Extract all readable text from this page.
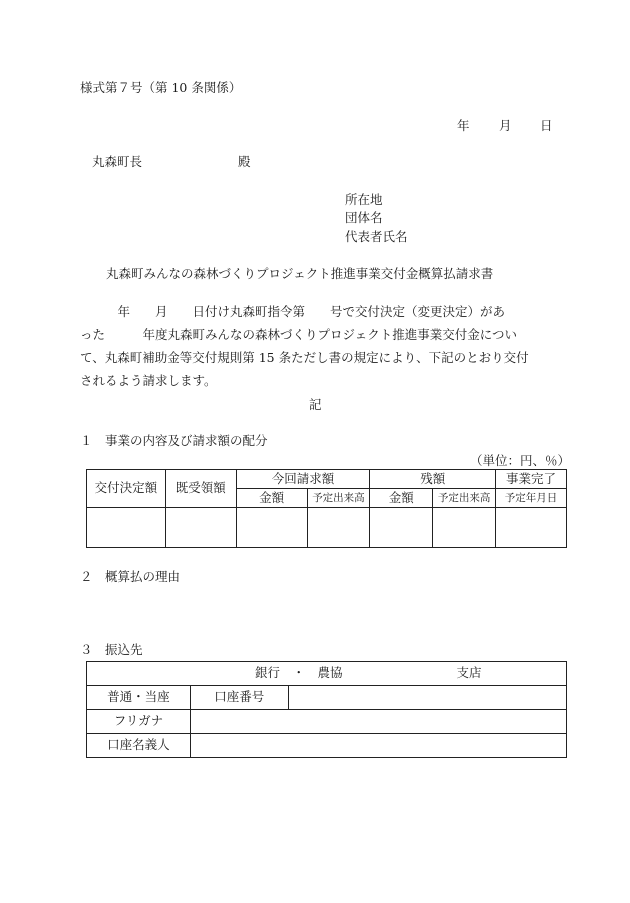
様式第７号（第 10 条関係）
年 月 日
丸森町長	殿
所在地
団体名
代表者氏名
丸森町みんなの森林づくりプロジェクト推進事業交付金概算払請求書
　　　年　　月　　日付け丸森町指令第　　号で交付決定（変更決定）があ
った　　　年度丸森町みんなの森林づくりプロジェクト推進事業交付金につい
て、丸森町補助金等交付規則第 15 条ただし書の規定により、下記のとおり交付
されるよう請求します。
記
１　事業の内容及び請求額の配分
（単位：円、％）
交付決定額	既受領額	今回請求額		残額		事業完了
		金額	予定出来高	金額	予定出来高	予定年月日

２　概算払の理由
３　振込先
銀行　・　農協 支店		
普通・当座	口座番号	
フリガナ		
口座名義人		
